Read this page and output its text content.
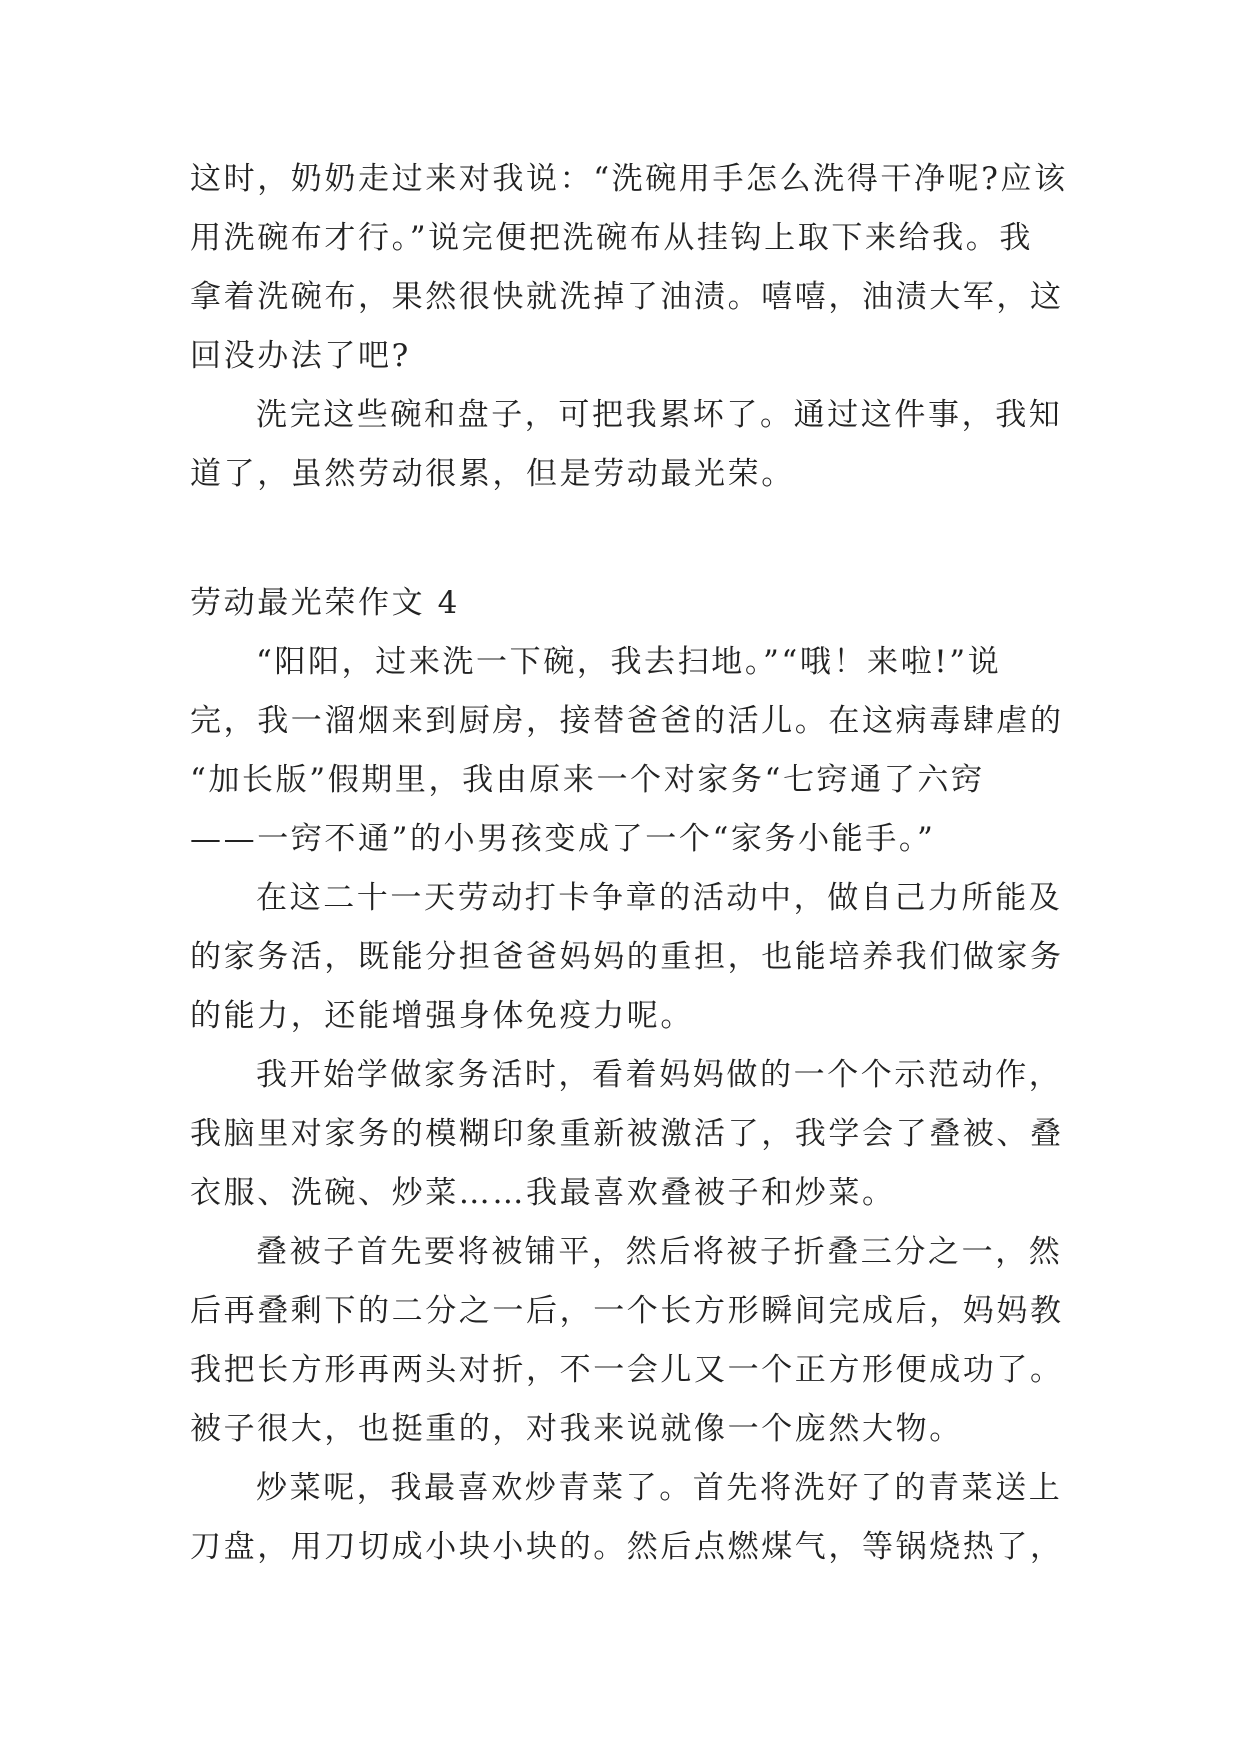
这时，奶奶走过来对我说：“洗碗用手怎么洗得干净呢?应该
用洗碗布才行。”说完便把洗碗布从挂钩上取下来给我。我
拿着洗碗布，果然很快就洗掉了油渍。嘻嘻，油渍大军，这
回没办法了吧?
洗完这些碗和盘子，可把我累坏了。通过这件事，我知
道了，虽然劳动很累，但是劳动最光荣。
劳动最光荣作文 4
“阳阳，过来洗一下碗，我去扫地。”“哦！来啦!”说
完，我一溜烟来到厨房，接替爸爸的活儿。在这病毒肆虐的
“加长版”假期里，我由原来一个对家务“七窍通了六窍
——一窍不通”的小男孩变成了一个“家务小能手。”
在这二十一天劳动打卡争章的活动中，做自己力所能及
的家务活，既能分担爸爸妈妈的重担，也能培养我们做家务
的能力，还能增强身体免疫力呢。
我开始学做家务活时，看着妈妈做的一个个示范动作，
我脑里对家务的模糊印象重新被激活了，我学会了叠被、叠
衣服、洗碗、炒菜……我最喜欢叠被子和炒菜。
叠被子首先要将被铺平，然后将被子折叠三分之一，然
后再叠剩下的二分之一后，一个长方形瞬间完成后，妈妈教
我把长方形再两头对折，不一会儿又一个正方形便成功了。
被子很大，也挺重的，对我来说就像一个庞然大物。
炒菜呢，我最喜欢炒青菜了。首先将洗好了的青菜送上
刀盘，用刀切成小块小块的。然后点燃煤气，等锅烧热了，
